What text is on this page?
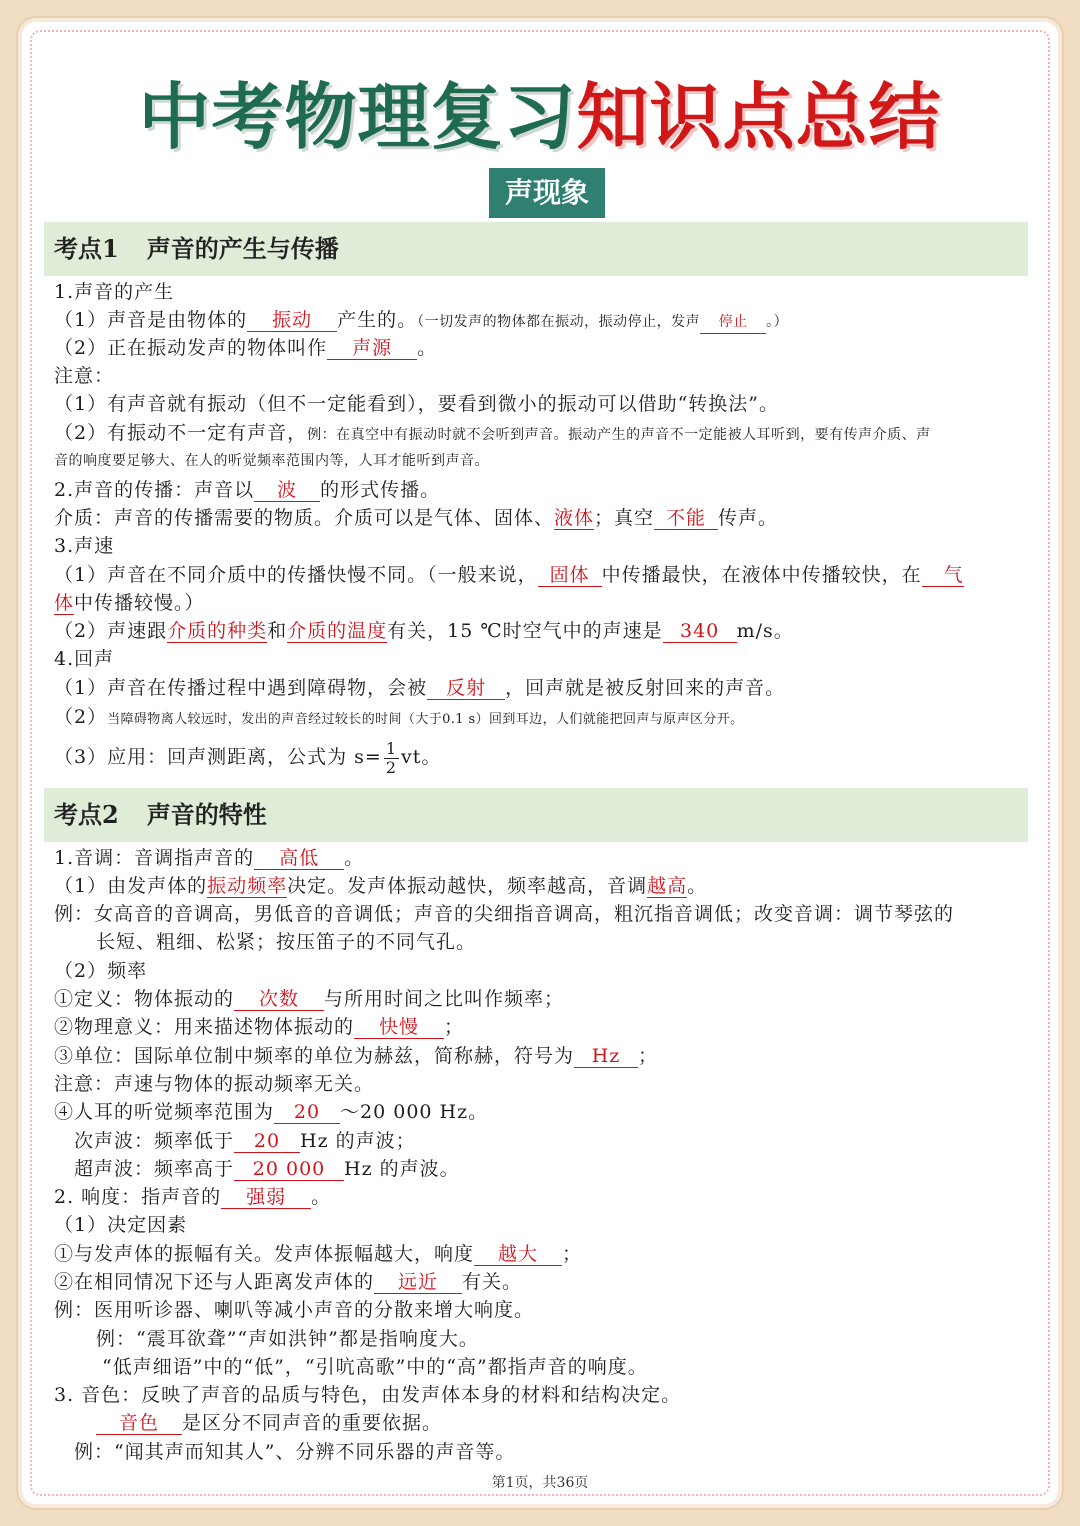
中考物理复习知识点总结
声现象
考点1 声音的产生与传播
1.声音的产生
（1）声音是由物体的 振动 产生的。（一切发声的物体都在振动，振动停止，发声 停止 。）
（2）正在振动发声的物体叫作 声源 。
注意：
（1）有声音就有振动（但不一定能看到），要看到微小的振动可以借助“转换法”。
（2）有振动不一定有声音，例：在真空中有振动时就不会听到声音。振动产生的声音不一定能被人耳听到，要有传声介质、声
音的响度要足够大、在人的听觉频率范围内等，人耳才能听到声音。
2.声音的传播：声音以 波 的形式传播。
介质：声音的传播需要的物质。介质可以是气体、固体、液体；真空 不能 传声。
3.声速
（1）声音在不同介质中的传播快慢不同。（一般来说， 固体 中传播最快，在液体中传播较快，在 气
体中传播较慢。）
（2）声速跟介质的种类和介质的温度有关，15 ℃时空气中的声速是 340 m/s。
4.回声
（1）声音在传播过程中遇到障碍物，会被 反射 ，回声就是被反射回来的声音。
（2）当障碍物离人较远时，发出的声音经过较长的时间（大于0.1 s）回到耳边，人们就能把回声与原声区分开。
（3）应用：回声测距离，公式为 $s= \frac{1}{2}$ vt。
考点2 声音的特性
1.音调：音调指声音的 高低 。
（1）由发声体的振动频率决定。发声体振动越快，频率越高，音调越高。
例：女高音的音调高，男低音的音调低；声音的尖细指音调高，粗沉指音调低；改变音调：调节琴弦的
长短、粗细、松紧；按压笛子的不同气孔。
（2）频率
①定义：物体振动的 次数 与所用时间之比叫作频率；
②物理意义：用来描述物体振动的 快慢 ；
③单位：国际单位制中频率的单位为赫兹，简称赫，符号为 Hz ；
注意：声速与物体的振动频率无关。
④人耳的听觉频率范围为 20 ～20 000 Hz。
次声波：频率低于 20 Hz 的声波；
超声波：频率高于 20 000 Hz 的声波。
2. 响度：指声音的 强弱 。
（1）决定因素
①与发声体的振幅有关。发声体振幅越大，响度 越大 ；
②在相同情况下还与人距离发声体的 远近 有关。
例：医用听诊器、喇叭等减小声音的分散来增大响度。
例：“震耳欲聋”“声如洪钟”都是指响度大。
“低声细语”中的“低”，“引吭高歌”中的“高”都指声音的响度。
3. 音色：反映了声音的品质与特色，由发声体本身的材料和结构决定。
音色 是区分不同声音的重要依据。
例：“闻其声而知其人”、分辨不同乐器的声音等。
第1页，共36页
